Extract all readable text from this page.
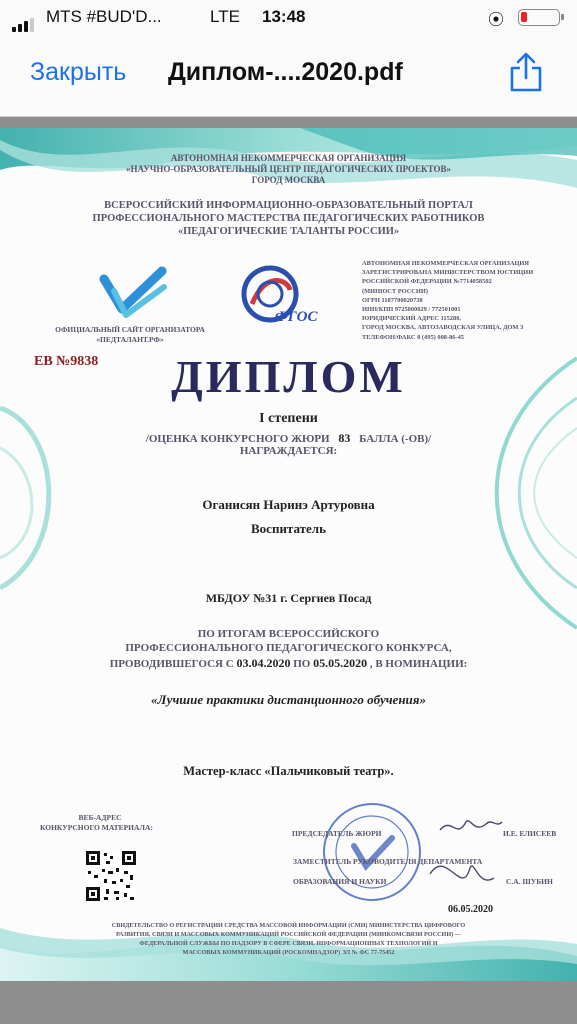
MTS #BUD'D...	LTE 13:48	⦿
Закрыть Диплом-....2020.pdf
АВТОНОМНАЯ НЕКОММЕРЧЕСКАЯ ОРГАНИЗАЦИЯ
«НАУЧНО-ОБРАЗОВАТЕЛЬНЫЙ ЦЕНТР ПЕДАГОГИЧЕСКИХ ПРОЕКТОВ»
ГОРОД МОСКВА
ВСЕРОССИЙСКИЙ ИНФОРМАЦИОННО-ОБРАЗОВАТЕЛЬНЫЙ ПОРТАЛ
ПРОФЕССИОНАЛЬНОГО МАСТЕРСТВА ПЕДАГОГИЧЕСКИХ РАБОТНИКОВ
«ПЕДАГОГИЧЕСКИЕ ТАЛАНТЫ РОССИИ»
ОФИЦИАЛЬНЫЙ САЙТ ОРГАНИЗАТОРА
«ПЕДТАЛАНТ.РФ»
ФГОС
АВТОНОМНАЯ НЕКОММЕРЧЕСКАЯ ОРГАНИЗАЦИЯ
ЗАРЕГИСТРИРОВАНА МИНИСТЕРСТВОМ ЮСТИЦИИ
РОССИЙСКОЙ ФЕДЕРАЦИИ №7714058502
(МИНЮСТ РОССИИ)
ОГРН 1187700020738
ИНН/КПП 9725000029 / 772501001
ЮРИДИЧЕСКИЙ АДРЕС 115280,
ГОРОД МОСКВА, АВТОЗАВОДСКАЯ УЛИЦА, ДОМ 3
ТЕЛЕФОН/ФАКС 8 (495) 008-86-45
ЕВ №9838	ДИПЛОМ
I степени
/ОЦЕНКА КОНКУРСНОГО ЖЮРИ 83 БАЛЛА (-ОВ)/
НАГРАЖДАЕТСЯ:
Оганисян Наринэ Артуровна
Воспитатель
МБДОУ №31 г. Сергиев Посад
ПО ИТОГАМ ВСЕРОССИЙСКОГО
ПРОФЕССИОНАЛЬНОГО ПЕДАГОГИЧЕСКОГО КОНКУРСА,
ПРОВОДИВШЕГОСЯ С 03.04.2020 ПО 05.05.2020 , В НОМИНАЦИИ:
«Лучшие практики дистанционного обучения»
Мастер-класс «Пальчиковый театр».
ВЕБ-АДРЕС
КОНКУРСНОГО МАТЕРИАЛА:
ПРЕДСЕДАТЕЛЬ ЖЮРИ	И.Е. ЕЛИСЕЕВ
ЗАМЕСТИТЕЛЬ РУКОВОДИТЕЛЯ ДЕПАРТАМЕНТА
ОБРАЗОВАНИЯ И НАУКИ	С.А. ШУБИН
06.05.2020
СВИДЕТЕЛЬСТВО О РЕГИСТРАЦИИ СРЕДСТВА МАССОВОЙ ИНФОРМАЦИИ (СМИ) МИНИСТЕРСТВА ЦИФРОВОГО
РАЗВИТИЯ, СВЯЗИ И МАССОВЫХ КОММУНИКАЦИЙ РОССИЙСКОЙ ФЕДЕРАЦИИ (МИНКОМСВЯЗИ РОССИИ) —
ФЕДЕРАЛЬНОЙ СЛУЖБЫ ПО НАДЗОРУ В СФЕРЕ СВЯЗИ, ИНФОРМАЦИОННЫХ ТЕХНОЛОГИЙ И
МАССОВЫХ КОММУНИКАЦИЙ (РОСКОМНАДЗОР) ЭЛ № ФС 77-75452
